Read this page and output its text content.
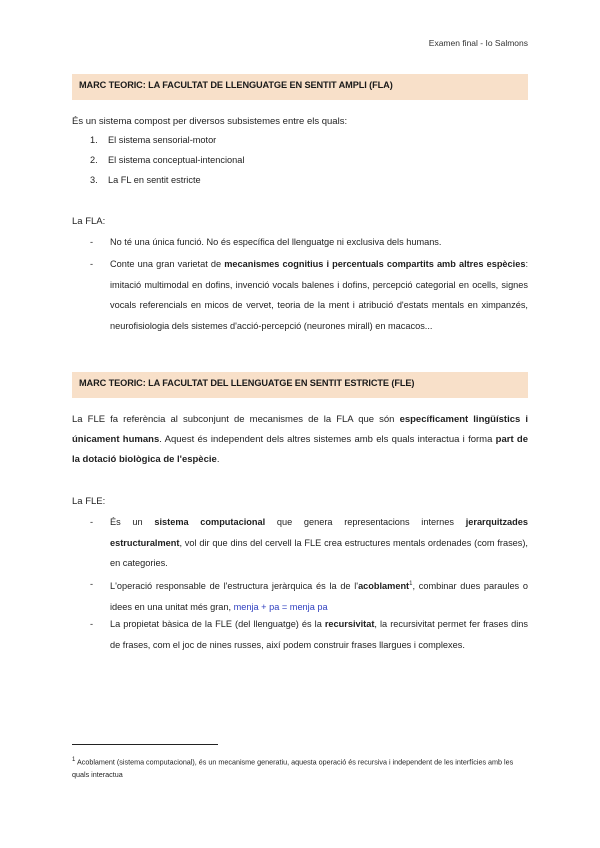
Examen final - Io Salmons
MARC TEORIC: LA FACULTAT DE LLENGUATGE EN SENTIT AMPLI (FLA)
És un sistema compost per diversos subsistemes entre els quals:
1. El sistema sensorial-motor
2. El sistema conceptual-intencional
3. La FL en sentit estricte
La FLA:
- No té una única funció. No és específica del llenguatge ni exclusiva dels humans.
- Conte una gran varietat de mecanismes cognitius i percentuals compartits amb altres espècies: imitació multimodal en dofins, invenció vocals balenes i dofins, percepció categorial en ocells, signes vocals referencials en micos de vervet, teoria de la ment i atribució d'estats mentals en ximpanzés, neurofisiologia dels sistemes d'acció-percepció (neurones mirall) en macacos...
MARC TEORIC: LA FACULTAT DEL LLENGUATGE EN SENTIT ESTRICTE (FLE)
La FLE fa referència al subconjunt de mecanismes de la FLA que són específicament lingüístics i únicament humans. Aquest és independent dels altres sistemes amb els quals interactua i forma part de la dotació biològica de l'espècie.
La FLE:
- És un sistema computacional que genera representacions internes jerarquitzades estructuralment, vol dir que dins del cervell la FLE crea estructures mentals ordenades (com frases), en categories.
- L'operació responsable de l'estructura jeràrquica és la de l'acoblament$^1$, combinar dues paraules o idees en una unitat més gran, menja + pa = menja pa
- La propietat bàsica de la FLE (del llenguatge) és la recursivitat, la recursivitat permet fer frases dins de frases, com el joc de nines russes, així podem construir frases llargues i complexes.
$^1$ Acoblament (sistema computacional), és un mecanisme generatiu, aquesta operació és recursiva i independent de les interfícies amb les quals interactua
